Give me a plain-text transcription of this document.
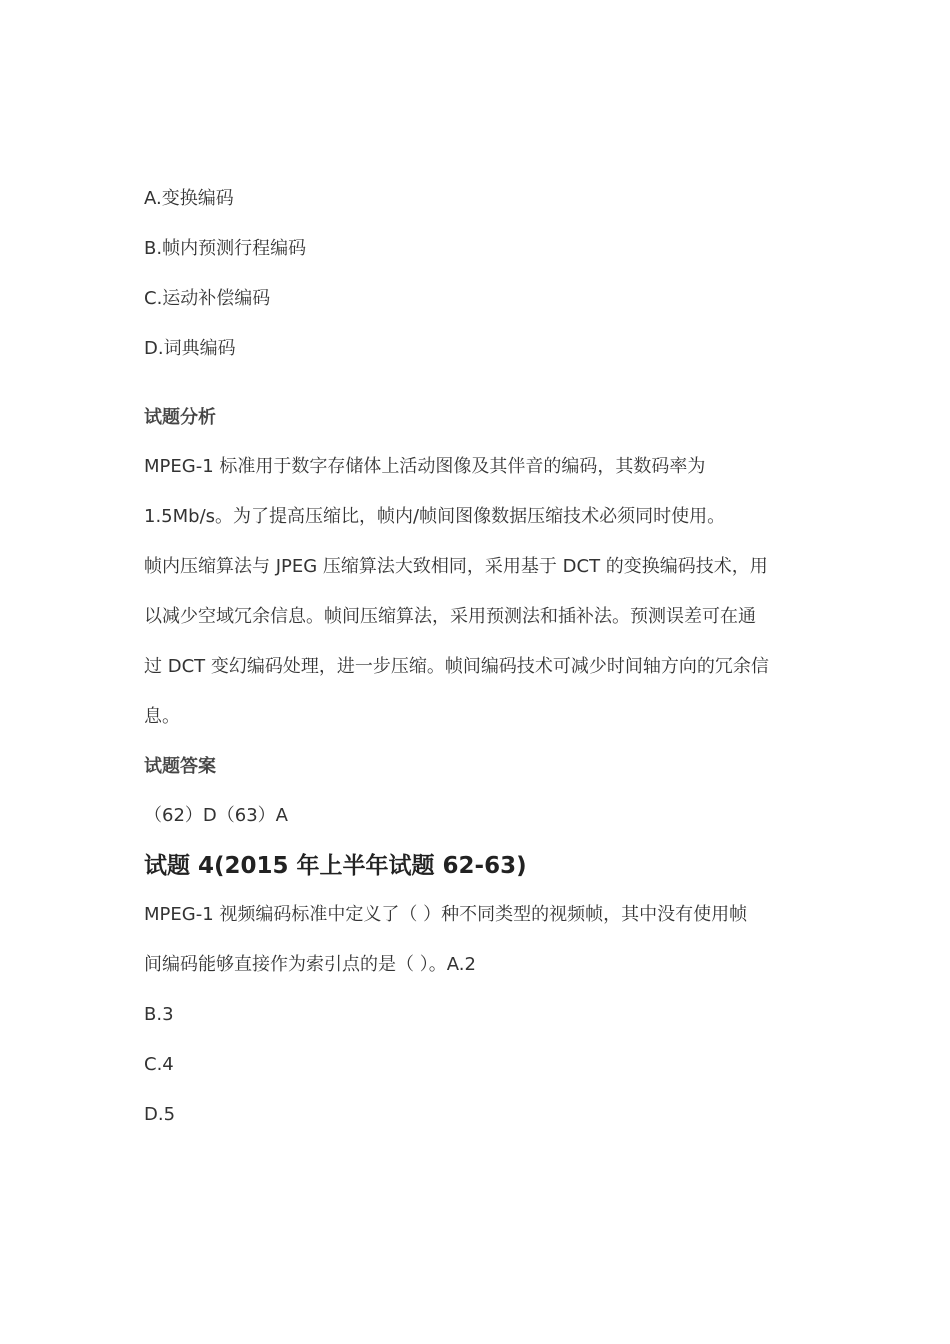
A.变换编码
B.帧内预测行程编码
C.运动补偿编码
D.词典编码
试题分析
MPEG-1 标准用于数字存储体上活动图像及其伴音的编码，其数码率为
1.5Mb/s。为了提高压缩比，帧内/帧间图像数据压缩技术必须同时使用。
帧内压缩算法与 JPEG 压缩算法大致相同，采用基于 DCT 的变换编码技术，用
以减少空域冗余信息。帧间压缩算法，采用预测法和插补法。预测误差可在通
过 DCT 变幻编码处理，进一步压缩。帧间编码技术可减少时间轴方向的冗余信
息。
试题答案
（62）D（63）A
试题 4(2015 年上半年试题 62-63)
MPEG-1 视频编码标准中定义了（ ）种不同类型的视频帧，其中没有使用帧
间编码能够直接作为索引点的是（ ）。A.2
B.3
C.4
D.5
